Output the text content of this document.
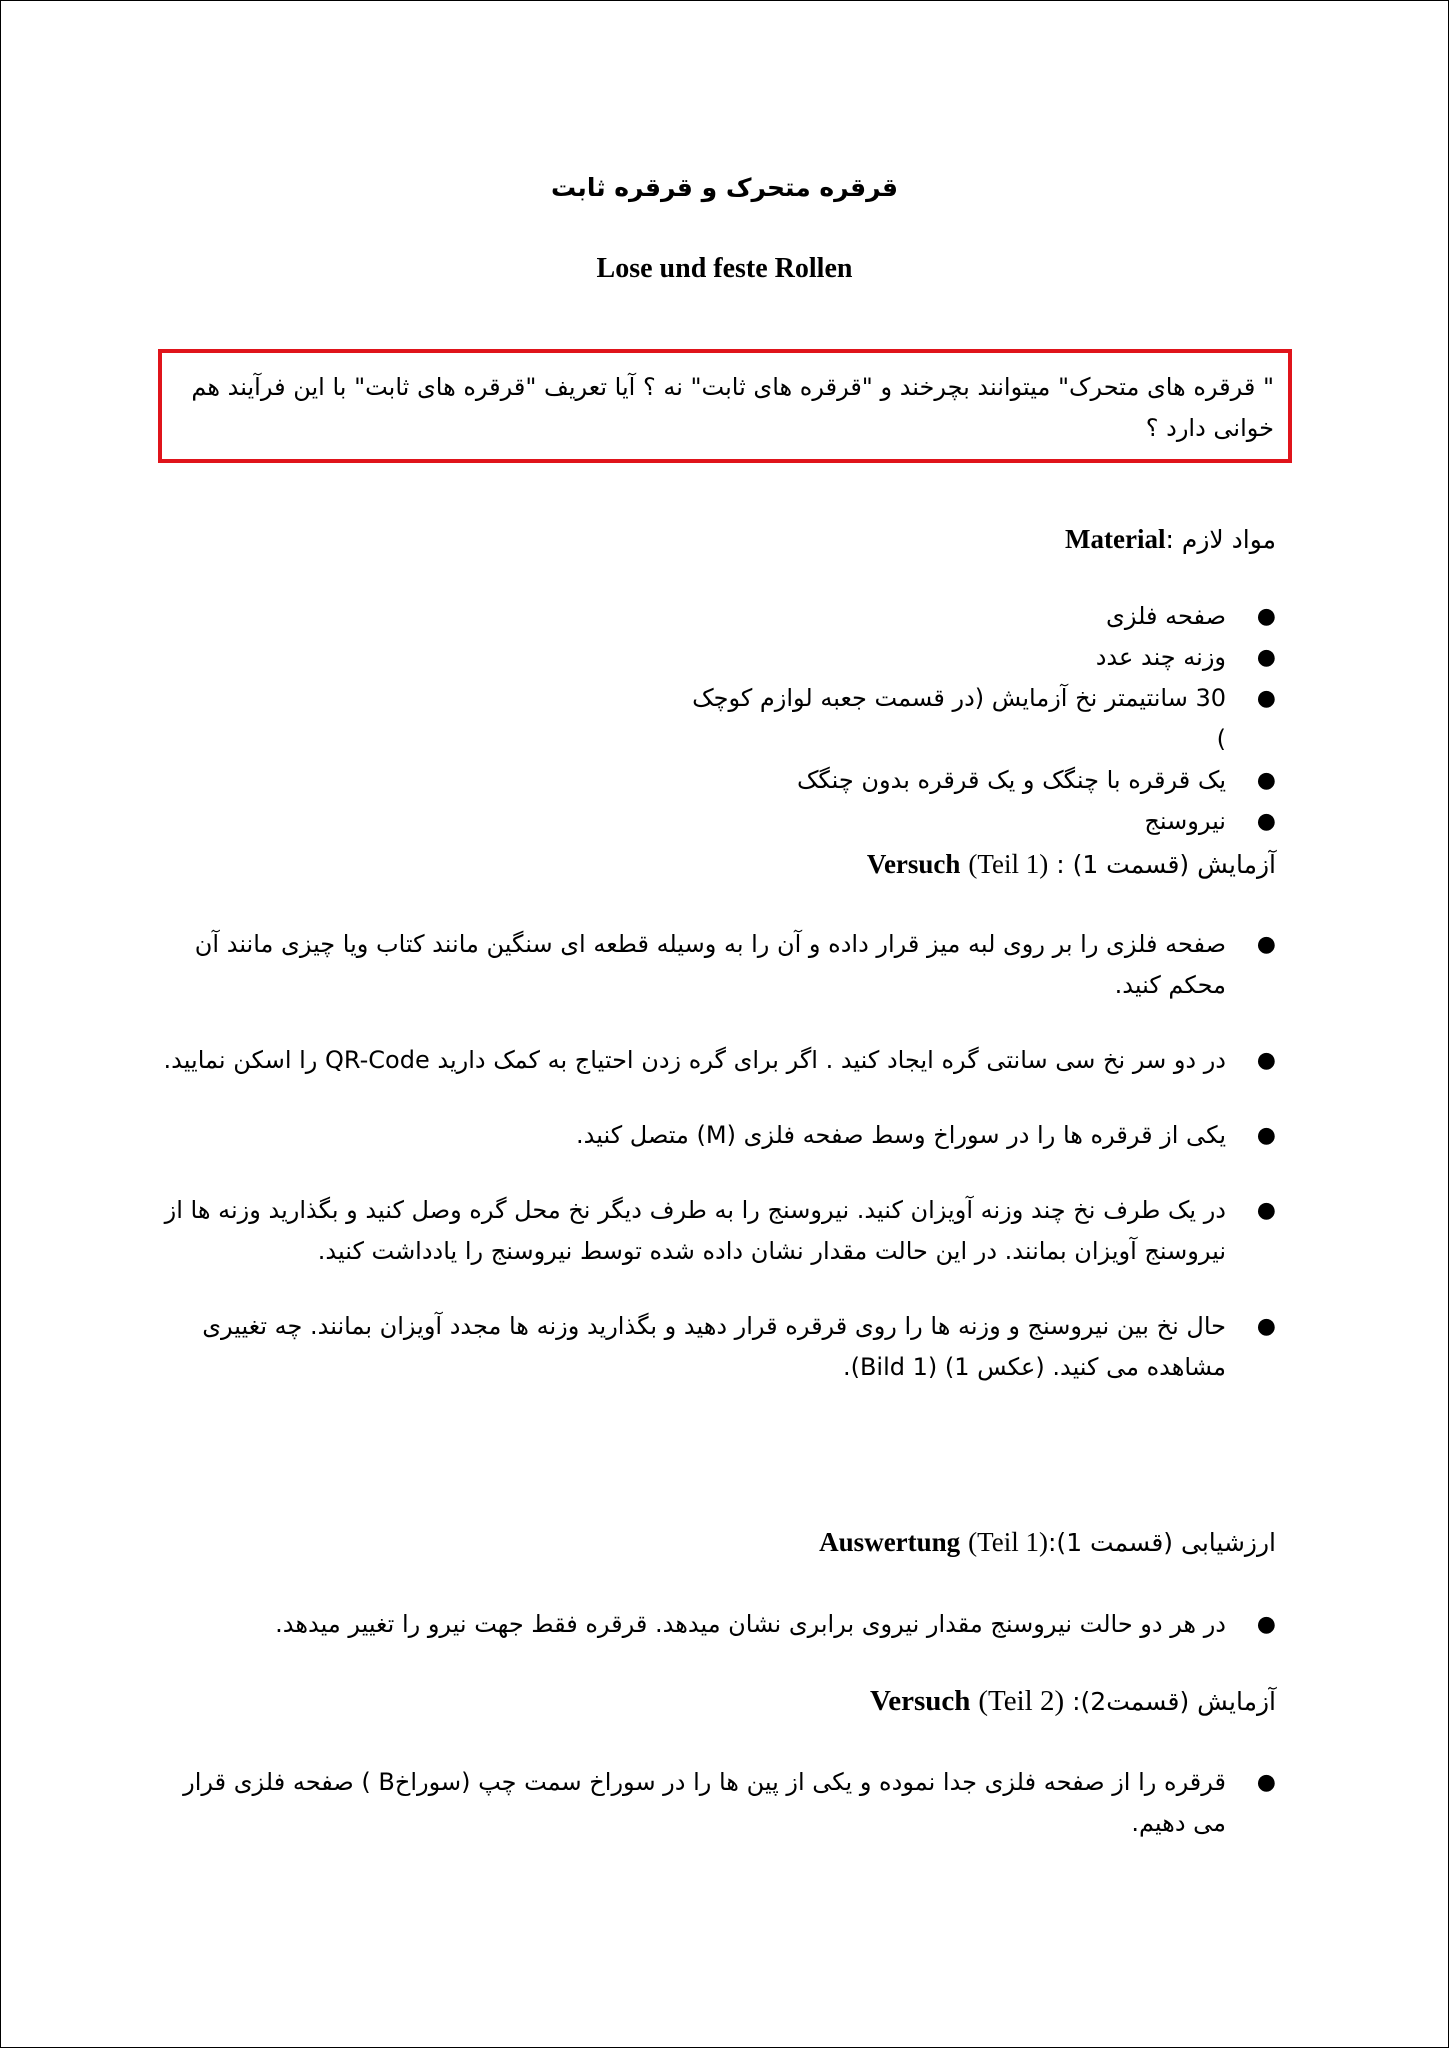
قرقره متحرک و قرقره ثابت
Lose und feste Rollen
" قرقره های متحرک" میتوانند بچرخند و "قرقره های ثابت" نه ؟ آیا تعریف "قرقره های ثابت" با این فرآیند هم خوانی دارد ؟
مواد لازم :Material
●
صفحه فلزی
●
وزنه چند عدد
●
30 سانتیمتر نخ آزمایش (در قسمت جعبه لوازم کوچک )
●
یک قرقره با چنگک و یک قرقره بدون چنگک
●
نیروسنج
آزمایش (قسمت 1) : (Teil 1) Versuch
●
صفحه فلزی را بر روی لبه میز قرار داده و آن را به وسیله قطعه ای سنگین مانند کتاب ویا چیزی مانند آن محکم کنید.
●
در دو سر نخ سی سانتی گره ایجاد کنید . اگر برای گره زدن احتیاج به کمک دارید QR-Code را اسکن نمایید.
●
یکی از قرقره ها را در سوراخ وسط صفحه فلزی (M) متصل کنید.
●
در یک طرف نخ چند وزنه آویزان کنید. نیروسنج را به طرف دیگر نخ محل گره وصل کنید و بگذارید وزنه ها از نیروسنج آویزان بمانند. در این حالت مقدار نشان داده شده توسط نیروسنج را یادداشت کنید.
●
حال نخ بین نیروسنج و وزنه ها را روی قرقره قرار دهید و بگذارید وزنه ها مجدد آویزان بمانند. چه تغییری مشاهده می کنید. (عکس 1) (Bild 1).
ارزشیابی (قسمت 1):(Teil 1) Auswertung
●
در هر دو حالت نیروسنج مقدار نیروی برابری نشان میدهد. قرقره فقط جهت نیرو را تغییر میدهد.
آزمایش (قسمت2): (Teil 2) Versuch
●
قرقره را از صفحه فلزی جدا نموده و یکی از پین ها را در سوراخ سمت چپ (سوراخB ) صفحه فلزی قرار می دهیم.
